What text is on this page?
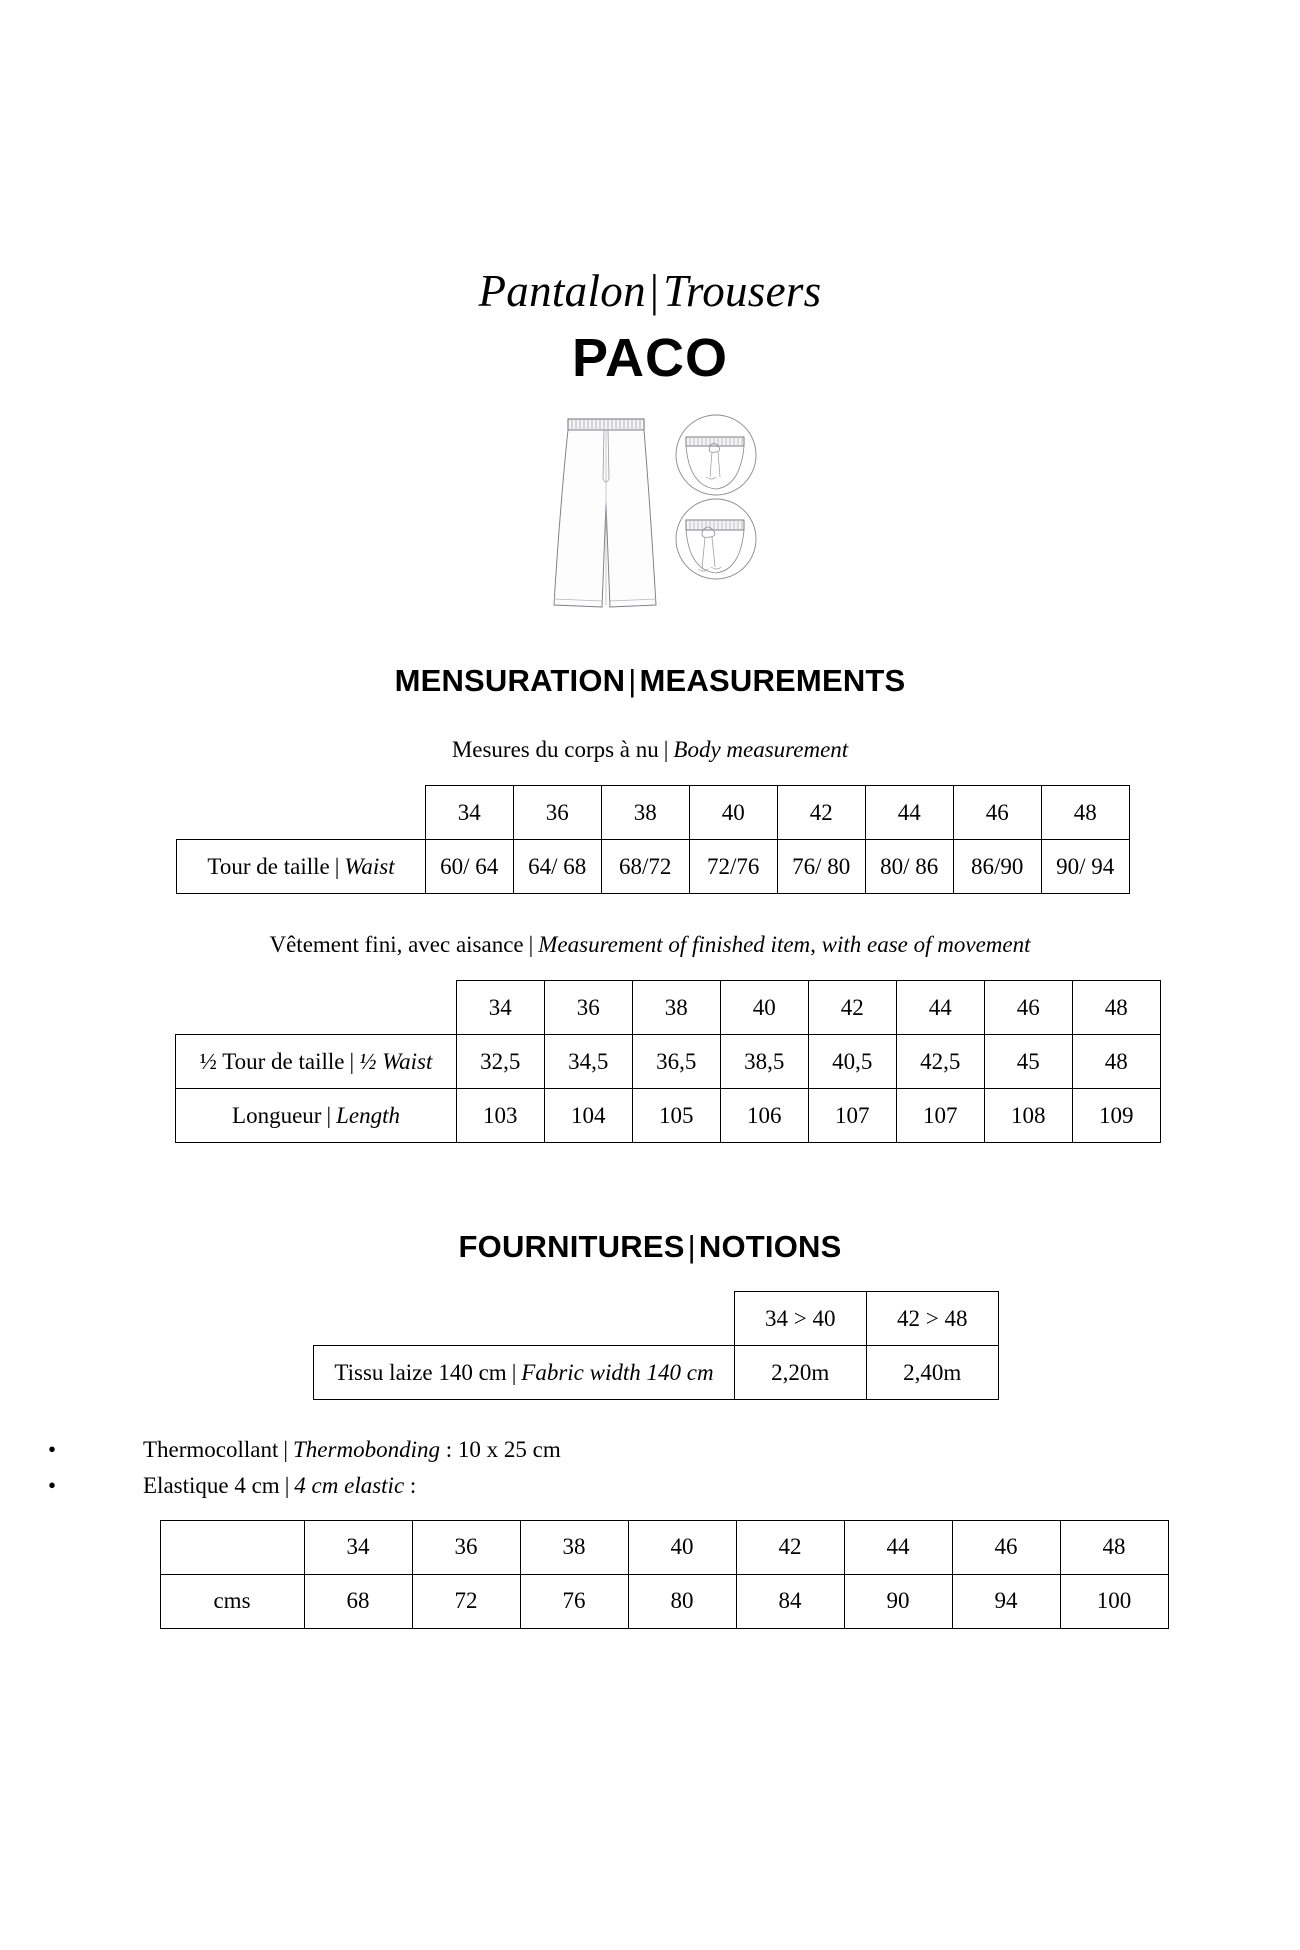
Pantalon|Trousers
PACO
MENSURATION|MEASUREMENTS
Mesures du corps à nu | Body measurement
	34	36	38	40	42	44	46	48
Tour de taille | Waist	60/ 64	64/ 68	68/72	72/76	76/ 80	80/ 86	86/90	90/ 94
Vêtement fini, avec aisance | Measurement of finished item, with ease of movement
	34	36	38	40	42	44	46	48
½ Tour de taille | ½ Waist	32,5	34,5	36,5	38,5	40,5	42,5	45	48
Longueur | Length	103	104	105	106	107	107	108	109
FOURNITURES|NOTIONS
	34 > 40	42 > 48
Tissu laize 140 cm | Fabric width 140 cm	2,20m	2,40m
•	Thermocollant | Thermobonding : 10 x 25 cm
•	Elastique 4 cm | 4 cm elastic :
	34	36	38	40	42	44	46	48
cms	68	72	76	80	84	90	94	100
